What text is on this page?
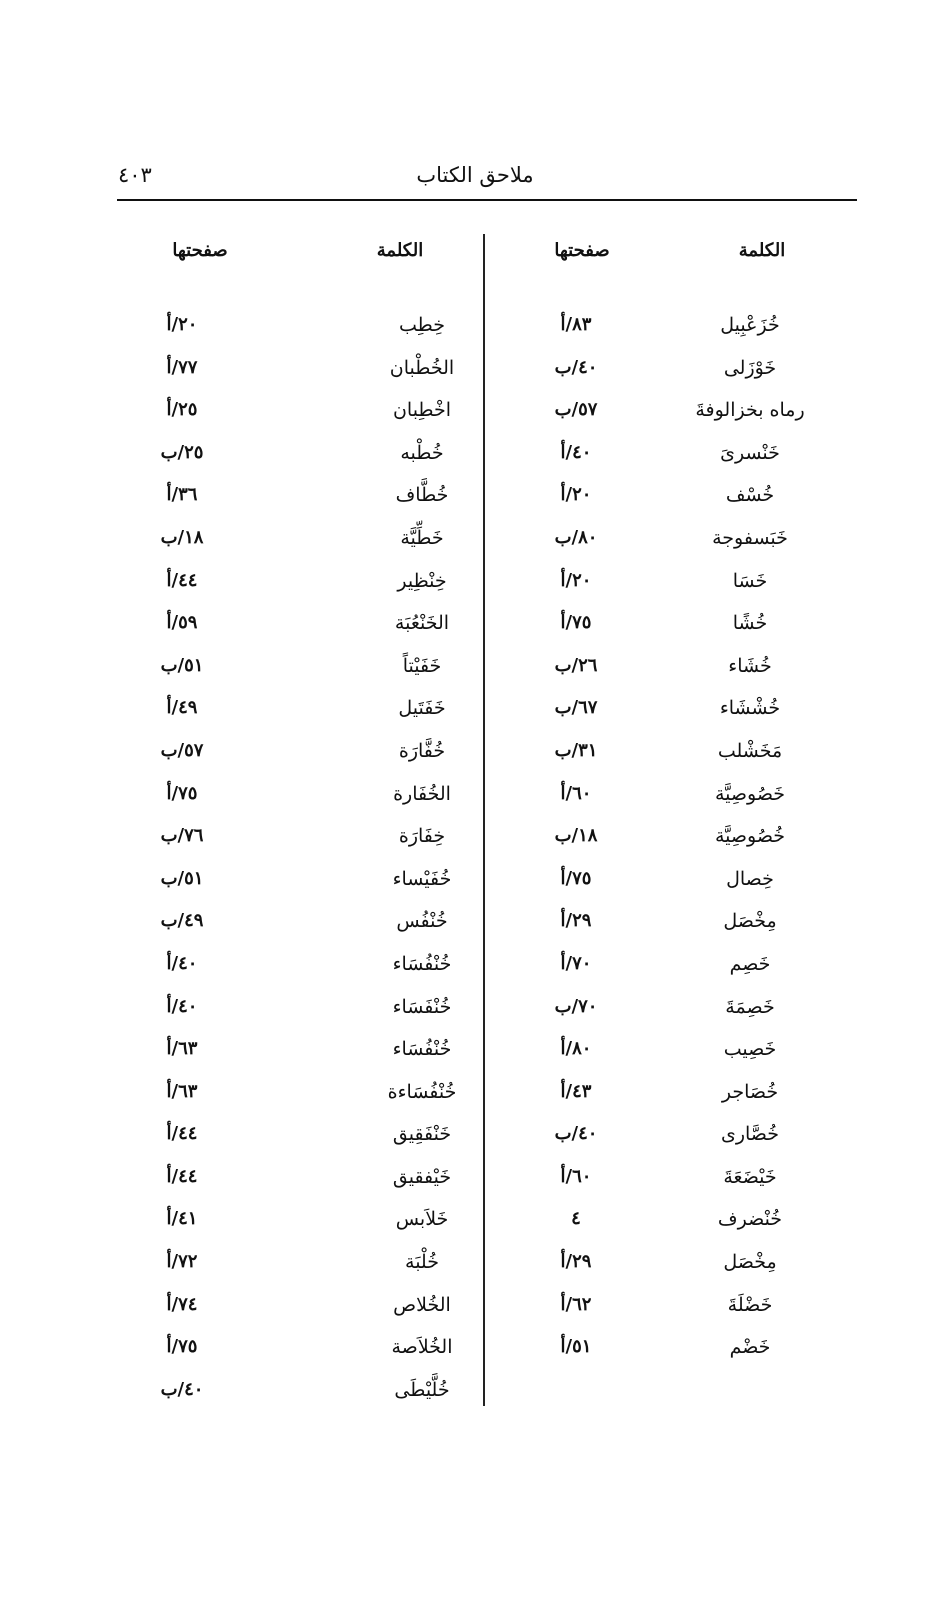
ملاحق الكتاب
٤٠٣
الكلمة
صفحتها
الكلمة
صفحتها
خُزَعْبِيل
٨٣/أ
خَوْزَلى
٤٠/ب
رماه بخزالوفةَ
٥٧/ب
خَنْسرىَ
٤٠/أ
خُسْف
٢٠/أ
خَبَسفوجة
٨٠/ب
خَسَا
٢٠/أ
خُشًا
٧٥/أ
خُشَاء
٢٦/ب
خُشْشَاء
٦٧/ب
مَخَشْلب
٣١/ب
خَصُوصِيَّة
٦٠/أ
خُصُوصِيَّة
١٨/ب
خِصال
٧٥/أ
مِخْصَل
٢٩/أ
خَصِم
٧٠/أ
خَصِمَةَ
٧٠/ب
خَصِيب
٨٠/أ
خُصَاجر
٤٣/أ
خُصَّارى
٤٠/ب
خَيْضَعَةَ
٦٠/أ
خُنْضرف
٤
مِخْصَل
٢٩/أ
خَضْلَةَ
٦٢/أ
خَضْم
٥١/أ
خِطِب
٢٠/أ
الخُطْبان
٧٧/أ
اخْطِبان
٢٥/أ
خُطْبه
٢٥/ب
خُطَّاف
٣٦/أ
خَطِّيَّة
١٨/ب
خِنْظِير
٤٤/أ
الخَنْعُبَة
٥٩/أ
خَفَيْتاً
٥١/ب
خَفَتَيل
٤٩/أ
خُفَّارَة
٥٧/ب
الخُفَارة
٧٥/أ
خِفَارَة
٧٦/ب
خُفَيْساء
٥١/ب
خُنْفُس
٤٩/ب
خُنْفُسَاء
٤٠/أ
خُنْفَسَاء
٤٠/أ
خُنْفُسَاء
٦٣/أ
خُنْفُسَاءة
٦٣/أ
خَنْفَقِيق
٤٤/أ
خَيْفقيق
٤٤/أ
خَلاَبس
٤١/أ
خُلْبَة
٧٢/أ
الخُلاص
٧٤/أ
الخُلاَصة
٧٥/أ
خُلَّيْطَى
٤٠/ب
